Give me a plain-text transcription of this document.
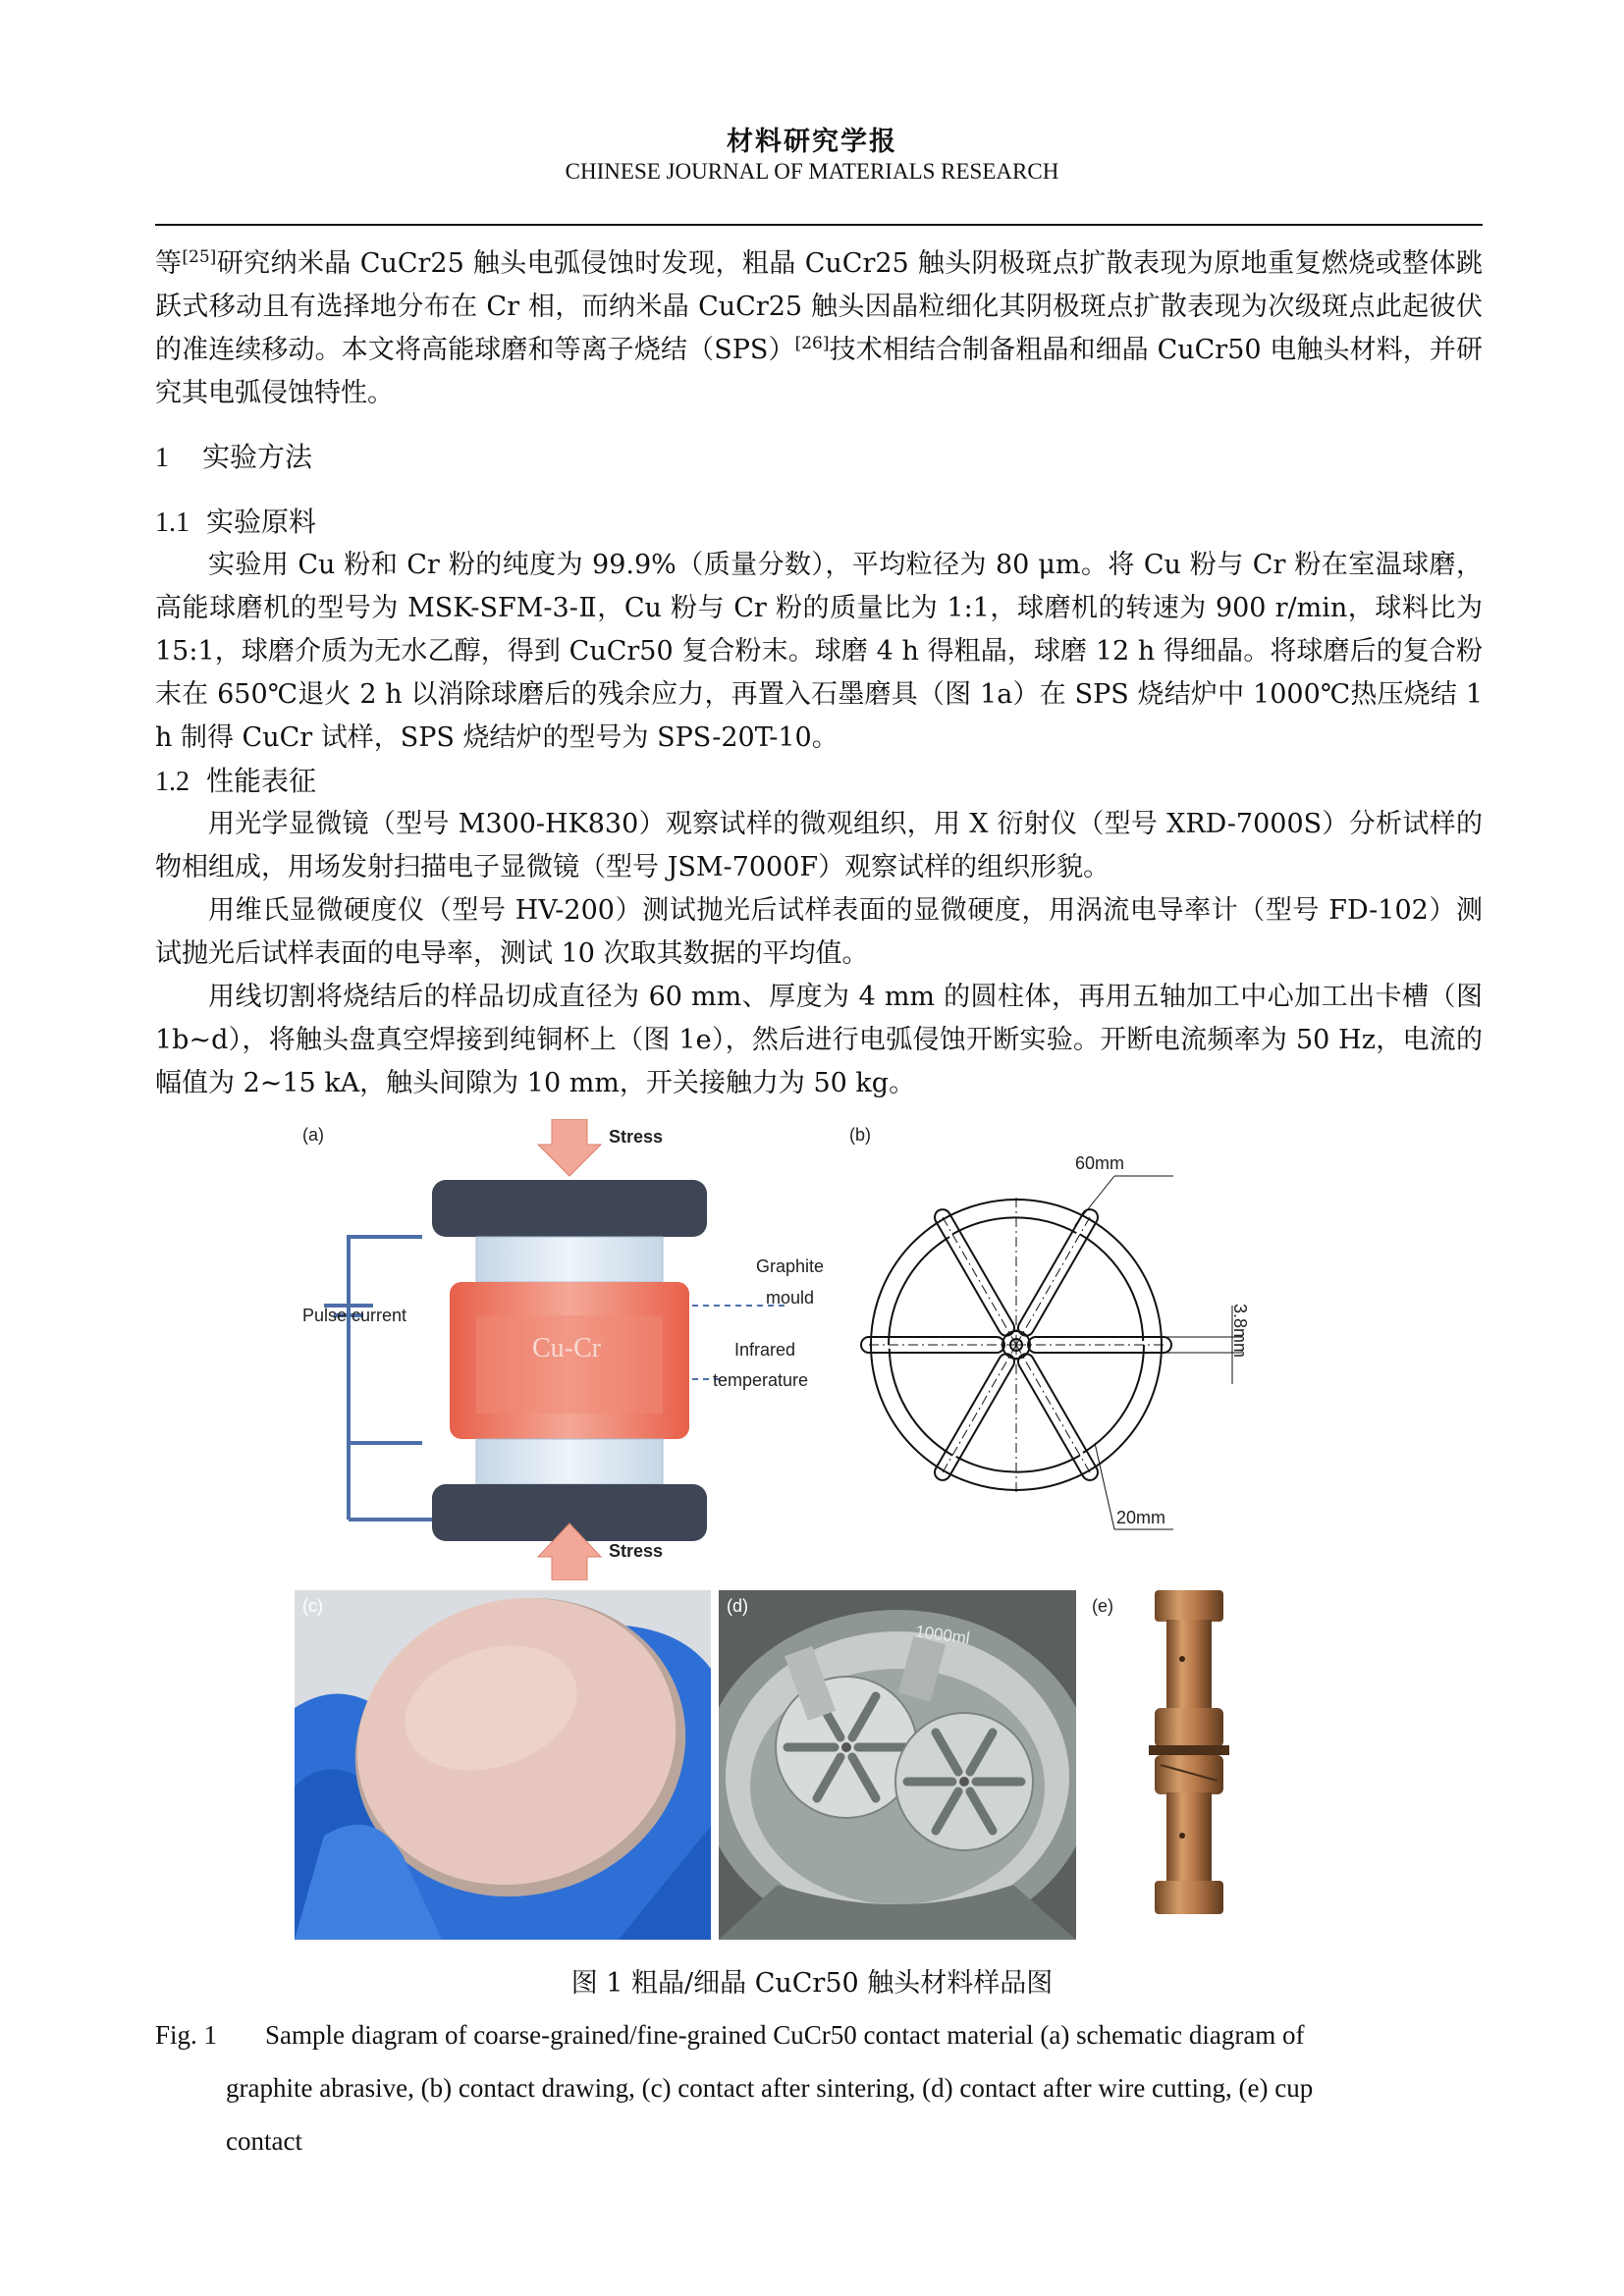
材料研究学报
CHINESE JOURNAL OF MATERIALS RESEARCH

等[25]研究纳米晶 CuCr25 触头电弧侵蚀时发现，粗晶 CuCr25 触头阴极斑点扩散表现为原地重复燃烧或整体跳跃式移动且有选择地分布在 Cr 相，而纳米晶 CuCr25 触头因晶粒细化其阴极斑点扩散表现为次级斑点此起彼伏的准连续移动。本文将高能球磨和等离子烧结（SPS）[26]技术相结合制备粗晶和细晶 CuCr50 电触头材料，并研究其电弧侵蚀特性。

1 实验方法
1.1 实验原料

实验用 Cu 粉和 Cr 粉的纯度为 99.9%（质量分数），平均粒径为 80 μm。将 Cu 粉与 Cr 粉在室温球磨，高能球磨机的型号为 MSK-SFM-3-Ⅱ，Cu 粉与 Cr 粉的质量比为 1:1，球磨机的转速为 900 r/min，球料比为 15:1，球磨介质为无水乙醇，得到 CuCr50 复合粉末。球磨 4 h 得粗晶，球磨 12 h 得细晶。将球磨后的复合粉末在 650℃退火 2 h 以消除球磨后的残余应力，再置入石墨磨具（图 1a）在 SPS 烧结炉中 1000℃热压烧结 1 h 制得 CuCr 试样，SPS 烧结炉的型号为 SPS-20T-10。

1.2 性能表征

用光学显微镜（型号 M300-HK830）观察试样的微观组织，用 X 衍射仪（型号 XRD-7000S）分析试样的物相组成，用场发射扫描电子显微镜（型号 JSM-7000F）观察试样的组织形貌。

用维氏显微硬度仪（型号 HV-200）测试抛光后试样表面的显微硬度，用涡流电导率计（型号 FD-102）测试抛光后试样表面的电导率，测试 10 次取其数据的平均值。

用线切割将烧结后的样品切成直径为 60 mm、厚度为 4 mm 的圆柱体，再用五轴加工中心加工出卡槽（图 1b~d），将触头盘真空焊接到纯铜杯上（图 1e），然后进行电弧侵蚀开断实验。开断电流频率为 50 Hz，电流的幅值为 2~15 kA，触头间隙为 10 mm，开关接触力为 50 kg。

(a)	Stress
Stress
Pulse current
Graphite
mould
Infrared
temperature
Cu-Cr
(b)
60mm
3.8mm
20mm
(c)	(d)
1000ml
(e)
图 1 粗晶/细晶 CuCr50 触头材料样品图
Fig. 1 Sample diagram of coarse-grained/fine-grained CuCr50 contact material (a) schematic diagram of
graphite abrasive, (b) contact drawing, (c) contact after sintering, (d) contact after wire cutting, (e) cup
contact
